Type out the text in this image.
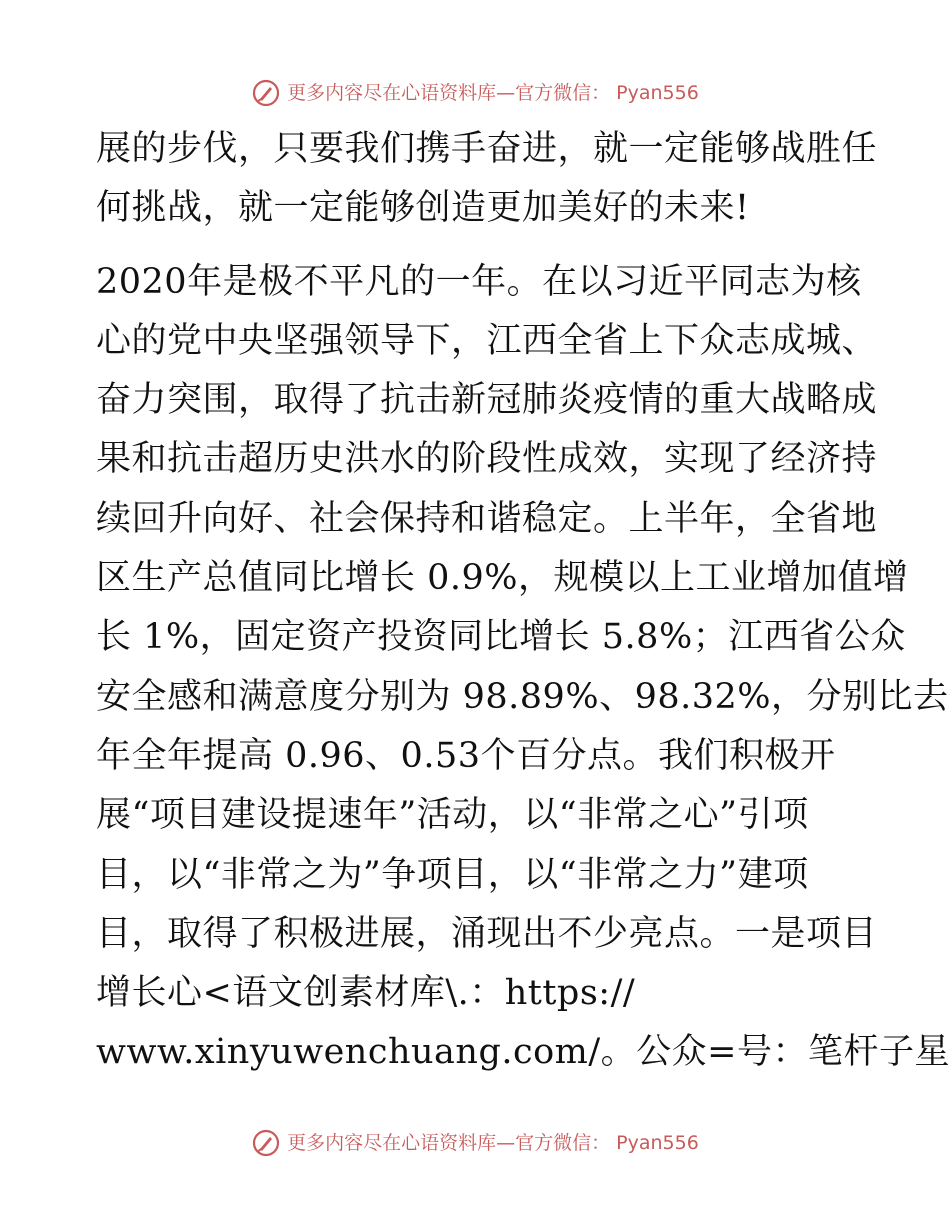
更多内容尽在心语资料库—官方微信： Pyan556

展的步伐，只要我们携手奋进，就一定能够战胜任
何挑战，就一定能够创造更加美好的未来!

2020年是极不平凡的一年。在以习近平同志为核
心的党中央坚强领导下，江西全省上下众志成城、
奋力突围，取得了抗击新冠肺炎疫情的重大战略成
果和抗击超历史洪水的阶段性成效，实现了经济持
续回升向好、社会保持和谐稳定。上半年，全省地
区生产总值同比增长 0.9%，规模以上工业增加值增
长 1%，固定资产投资同比增长 5.8%；江西省公众
安全感和满意度分别为 98.89%、98.32%，分别比去
年全年提高 0.96、0.53个百分点。我们积极开
展“项目建设提速年”活动，以“非常之心”引项
目，以“非常之为”争项目，以“非常之力”建项
目，取得了积极进展，涌现出不少亮点。一是项目
增长心<语文创素材库\.：https://
www.xinyuwenchuang.com/。公众=号：笔杆子星

更多内容尽在心语资料库—官方微信： Pyan556
